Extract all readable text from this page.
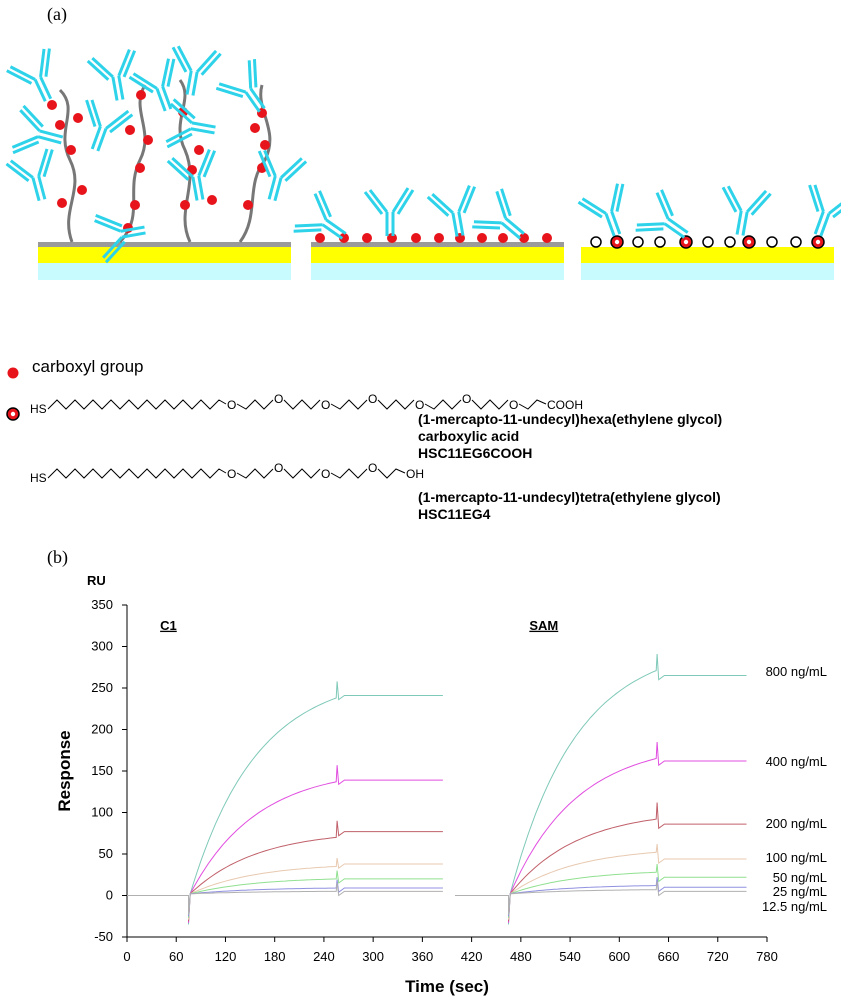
(a)
carboxyl group
HS	O	O	O	O	O	O	O COOH
HS	O	O	O	O OH
(1-mercapto-11-undecyl)hexa(ethylene glycol)
carboxylic acid
HSC11EG6COOH
(1-mercapto-11-undecyl)tetra(ethylene glycol)
HSC11EG4
(b)
350
300
250
200
150
100
50
0
-50
0	60 120 180 240 300 360 420 480 540 600 660 720 780
RU
Response
Time (sec)
C1	SAM
800 ng/mL
400 ng/mL
200 ng/mL
100 ng/mL
50 ng/mL
25 ng/mL
12.5 ng/mL
